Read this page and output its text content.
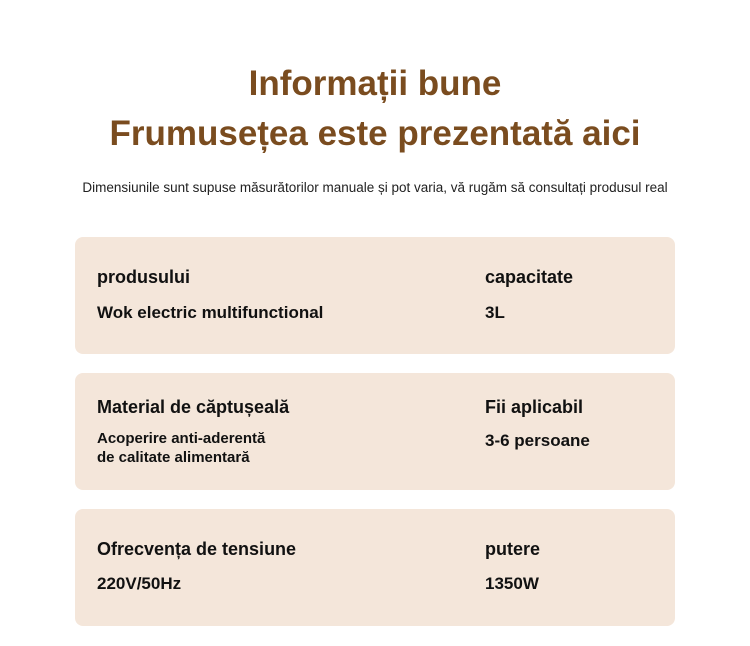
Informații bune
Frumusețea este prezentată aici
Dimensiunile sunt supuse măsurătorilor manuale și pot varia, vă rugăm să consultați produsul real
produsului
Wok electric multifunctional
capacitate
3L
Material de căptușeală
Acoperire anti-aderentă
de calitate alimentară
Fii aplicabil
3-6 persoane
Ofrecvența de tensiune
220V/50Hz
putere
1350W
